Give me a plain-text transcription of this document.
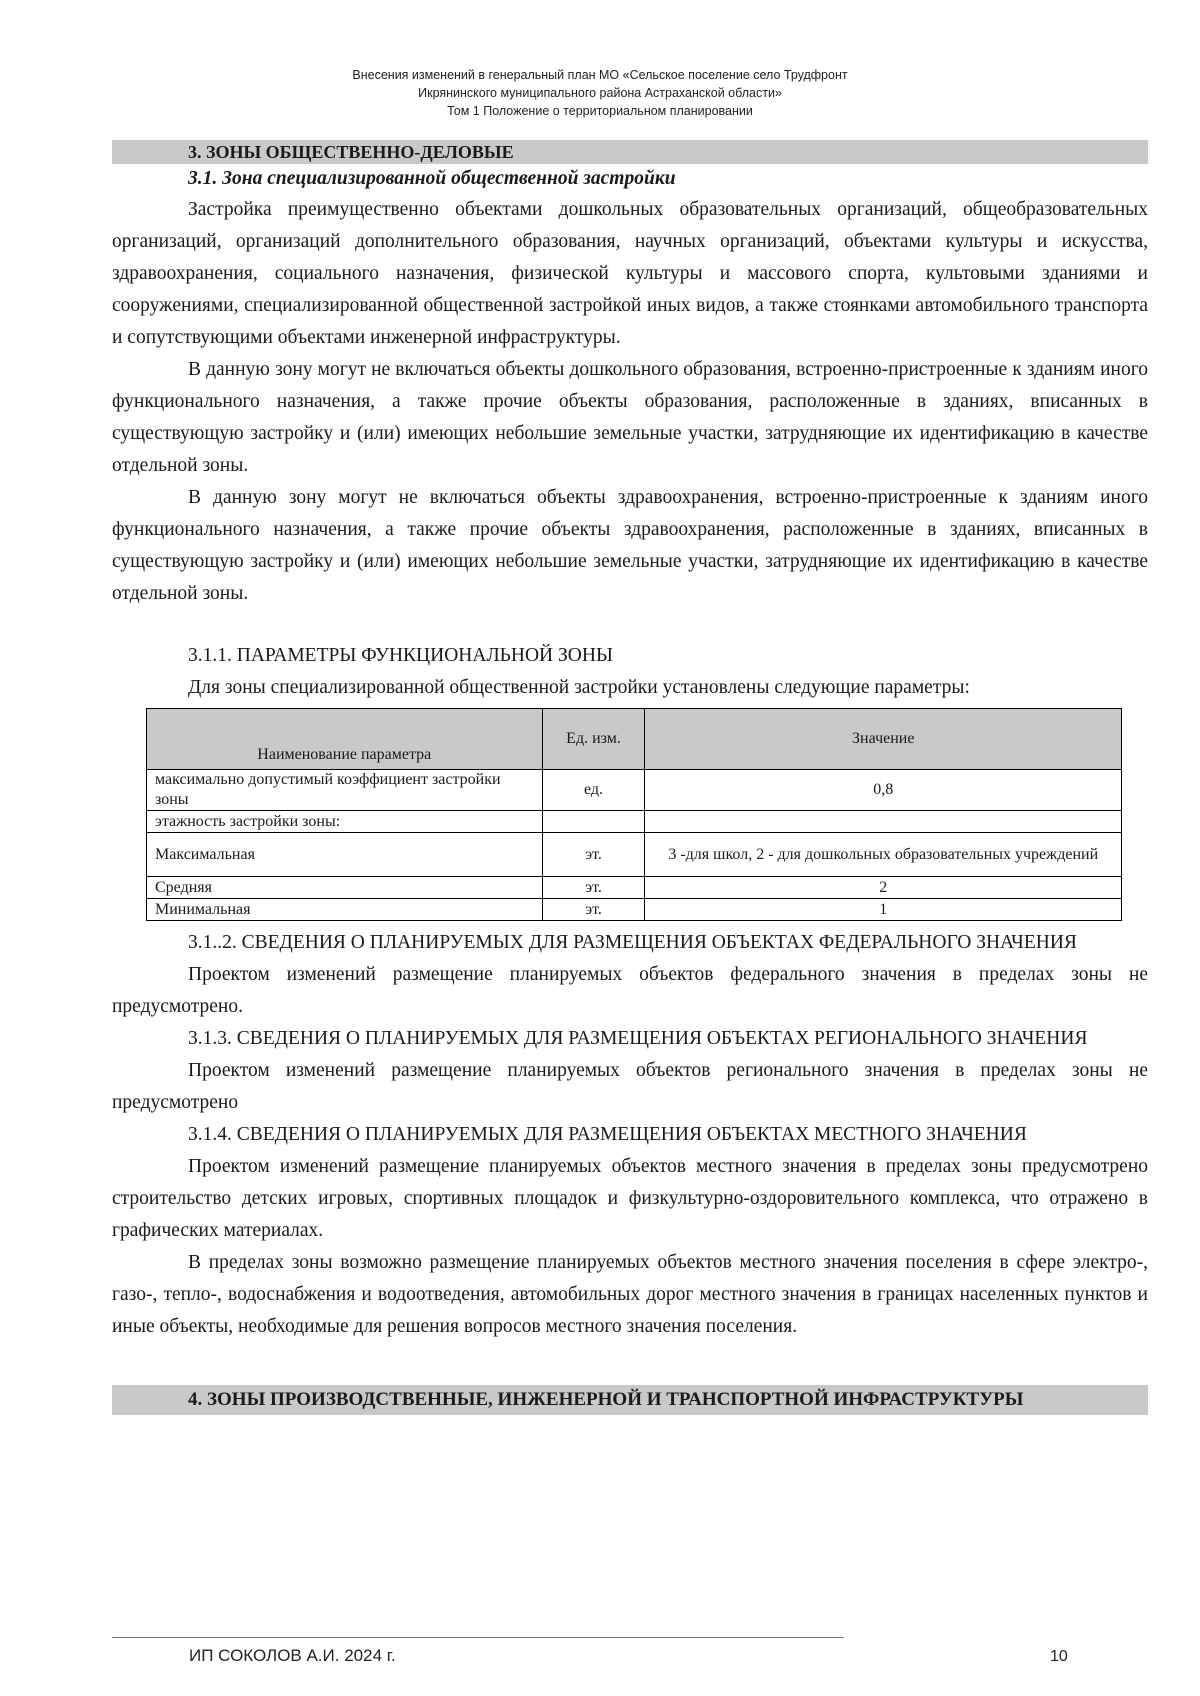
Внесения изменений в генеральный план МО «Сельское поселение село Трудфронт
Икрянинского муниципального района Астраханской области»
Том 1 Положение о территориальном планировании
3. ЗОНЫ ОБЩЕСТВЕННО-ДЕЛОВЫЕ
3.1. Зона специализированной общественной застройки

Застройка преимущественно объектами дошкольных образовательных организаций, общеобразовательных организаций, организаций дополнительного образования, научных организаций, объектами культуры и искусства, здравоохранения, социального назначения, физической культуры и массового спорта, культовыми зданиями и сооружениями, специализированной общественной застройкой иных видов, а также стоянками автомобильного транспорта и сопутствующими объектами инженерной инфраструктуры.

В данную зону могут не включаться объекты дошкольного образования, встроенно-пристроенные к зданиям иного функционального назначения, а также прочие объекты образования, расположенные в зданиях, вписанных в существующую застройку и (или) имеющих небольшие земельные участки, затрудняющие их идентификацию в качестве отдельной зоны.

В данную зону могут не включаться объекты здравоохранения, встроенно-пристроенные к зданиям иного функционального назначения, а также прочие объекты здравоохранения, расположенные в зданиях, вписанных в существующую застройку и (или) имеющих небольшие земельные участки, затрудняющие их идентификацию в качестве отдельной зоны.

3.1.1. ПАРАМЕТРЫ ФУНКЦИОНАЛЬНОЙ ЗОНЫ

Для зоны специализированной общественной застройки установлены следующие параметры:

Наименование параметра	Ед. изм.	Значение
максимально допустимый коэффициент застройки зоны	ед.	0,8
этажность застройки зоны:		
Максимальная	эт.	3 -для школ, 2 - для дошкольных образовательных учреждений
Средняя	эт.	2
Минимальная	эт.	1
3.1..2. СВЕДЕНИЯ О ПЛАНИРУЕМЫХ ДЛЯ РАЗМЕЩЕНИЯ ОБЪЕКТАХ ФЕДЕРАЛЬНОГО ЗНАЧЕНИЯ

Проектом изменений размещение планируемых объектов федерального значения в пределах зоны не предусмотрено.

3.1.3. СВЕДЕНИЯ О ПЛАНИРУЕМЫХ ДЛЯ РАЗМЕЩЕНИЯ ОБЪЕКТАХ РЕГИОНАЛЬНОГО ЗНАЧЕНИЯ

Проектом изменений размещение планируемых объектов регионального значения в пределах зоны не предусмотрено

3.1.4. СВЕДЕНИЯ О ПЛАНИРУЕМЫХ ДЛЯ РАЗМЕЩЕНИЯ ОБЪЕКТАХ МЕСТНОГО ЗНАЧЕНИЯ

Проектом изменений размещение планируемых объектов местного значения в пределах зоны предусмотрено строительство детских игровых, спортивных площадок и физкультурно-оздоровительного комплекса, что отражено в графических материалах.

В пределах зоны возможно размещение планируемых объектов местного значения поселения в сфере электро-, газо-, тепло-, водоснабжения и водоотведения, автомобильных дорог местного значения в границах населенных пунктов и иные объекты, необходимые для решения вопросов местного значения поселения.

4. ЗОНЫ ПРОИЗВОДСТВЕННЫЕ, ИНЖЕНЕРНОЙ И ТРАНСПОРТНОЙ ИНФРАСТРУКТУРЫ
ИП СОКОЛОВ А.И. 2024 г.	10
